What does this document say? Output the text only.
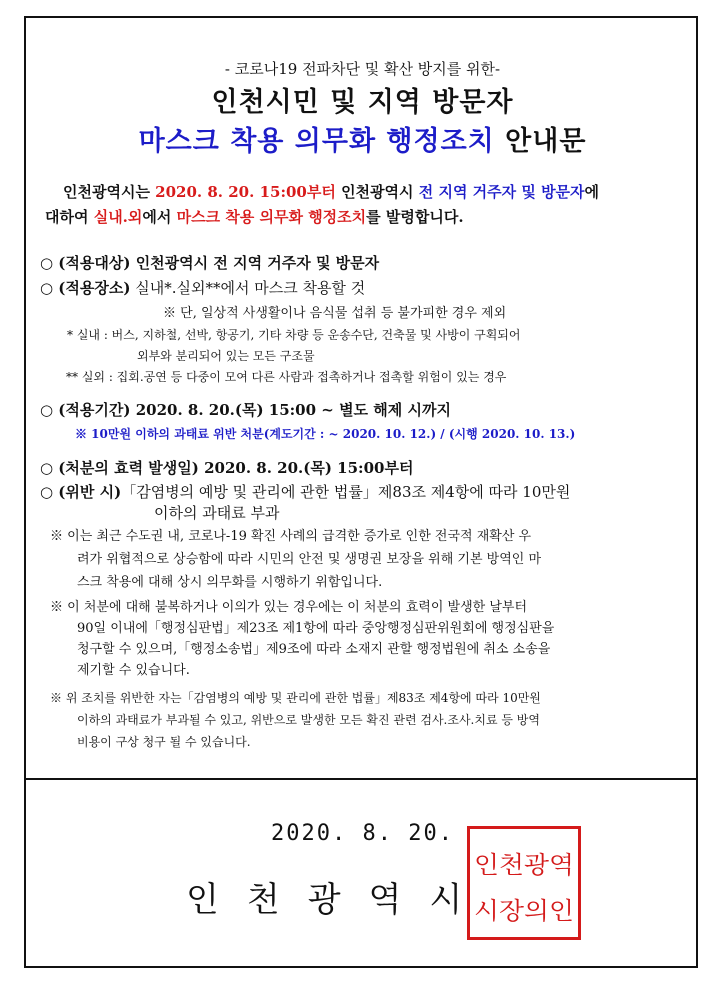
- 코로나19 전파차단 및 확산 방지를 위한-
인천시민 및 지역 방문자
마스크 착용 의무화 행정조치 안내문
인천광역시는 2020. 8. 20. 15:00부터 인천광역시 전 지역 거주자 및 방문자에
대하여 실내.외에서 마스크 착용 의무화 행정조치를 발령합니다.
○ (적용대상) 인천광역시 전 지역 거주자 및 방문자
○ (적용장소) 실내*.실외**에서 마스크 착용할 것
※ 단, 일상적 사생활이나 음식물 섭취 등 불가피한 경우 제외
* 실내 : 버스, 지하철, 선박, 항공기, 기타 차량 등 운송수단, 건축물 및 사방이 구획되어
외부와 분리되어 있는 모든 구조물
** 실외 : 집회.공연 등 다중이 모여 다른 사람과 접촉하거나 접촉할 위험이 있는 경우
○ (적용기간) 2020. 8. 20.(목) 15:00 ~ 별도 해제 시까지
※ 10만원 이하의 과태료 위반 처분(계도기간 : ~ 2020. 10. 12.) / (시행 2020. 10. 13.)
○ (처분의 효력 발생일) 2020. 8. 20.(목) 15:00부터
○ (위반 시)「감염병의 예방 및 관리에 관한 법률」제83조 제4항에 따라 10만원
이하의 과태료 부과
※ 이는 최근 수도권 내, 코로나-19 확진 사례의 급격한 증가로 인한 전국적 재확산 우
려가 위협적으로 상승함에 따라 시민의 안전 및 생명권 보장을 위해 기본 방역인 마
스크 착용에 대해 상시 의무화를 시행하기 위함입니다.
※ 이 처분에 대해 불복하거나 이의가 있는 경우에는 이 처분의 효력이 발생한 날부터
90일 이내에「행정심판법」제23조 제1항에 따라 중앙행정심판위원회에 행정심판을
청구할 수 있으며,「행정소송법」제9조에 따라 소재지 관할 행정법원에 취소 소송을
제기할 수 있습니다.
※ 위 조치를 위반한 자는「감염병의 예방 및 관리에 관한 법률」제83조 제4항에 따라 10만원
이하의 과태료가 부과될 수 있고, 위반으로 발생한 모든 확진 관련 검사.조사.치료 등 방역
비용이 구상 청구 될 수 있습니다.
2020. 8. 20.
인천광역시
인천광역
시장의인
